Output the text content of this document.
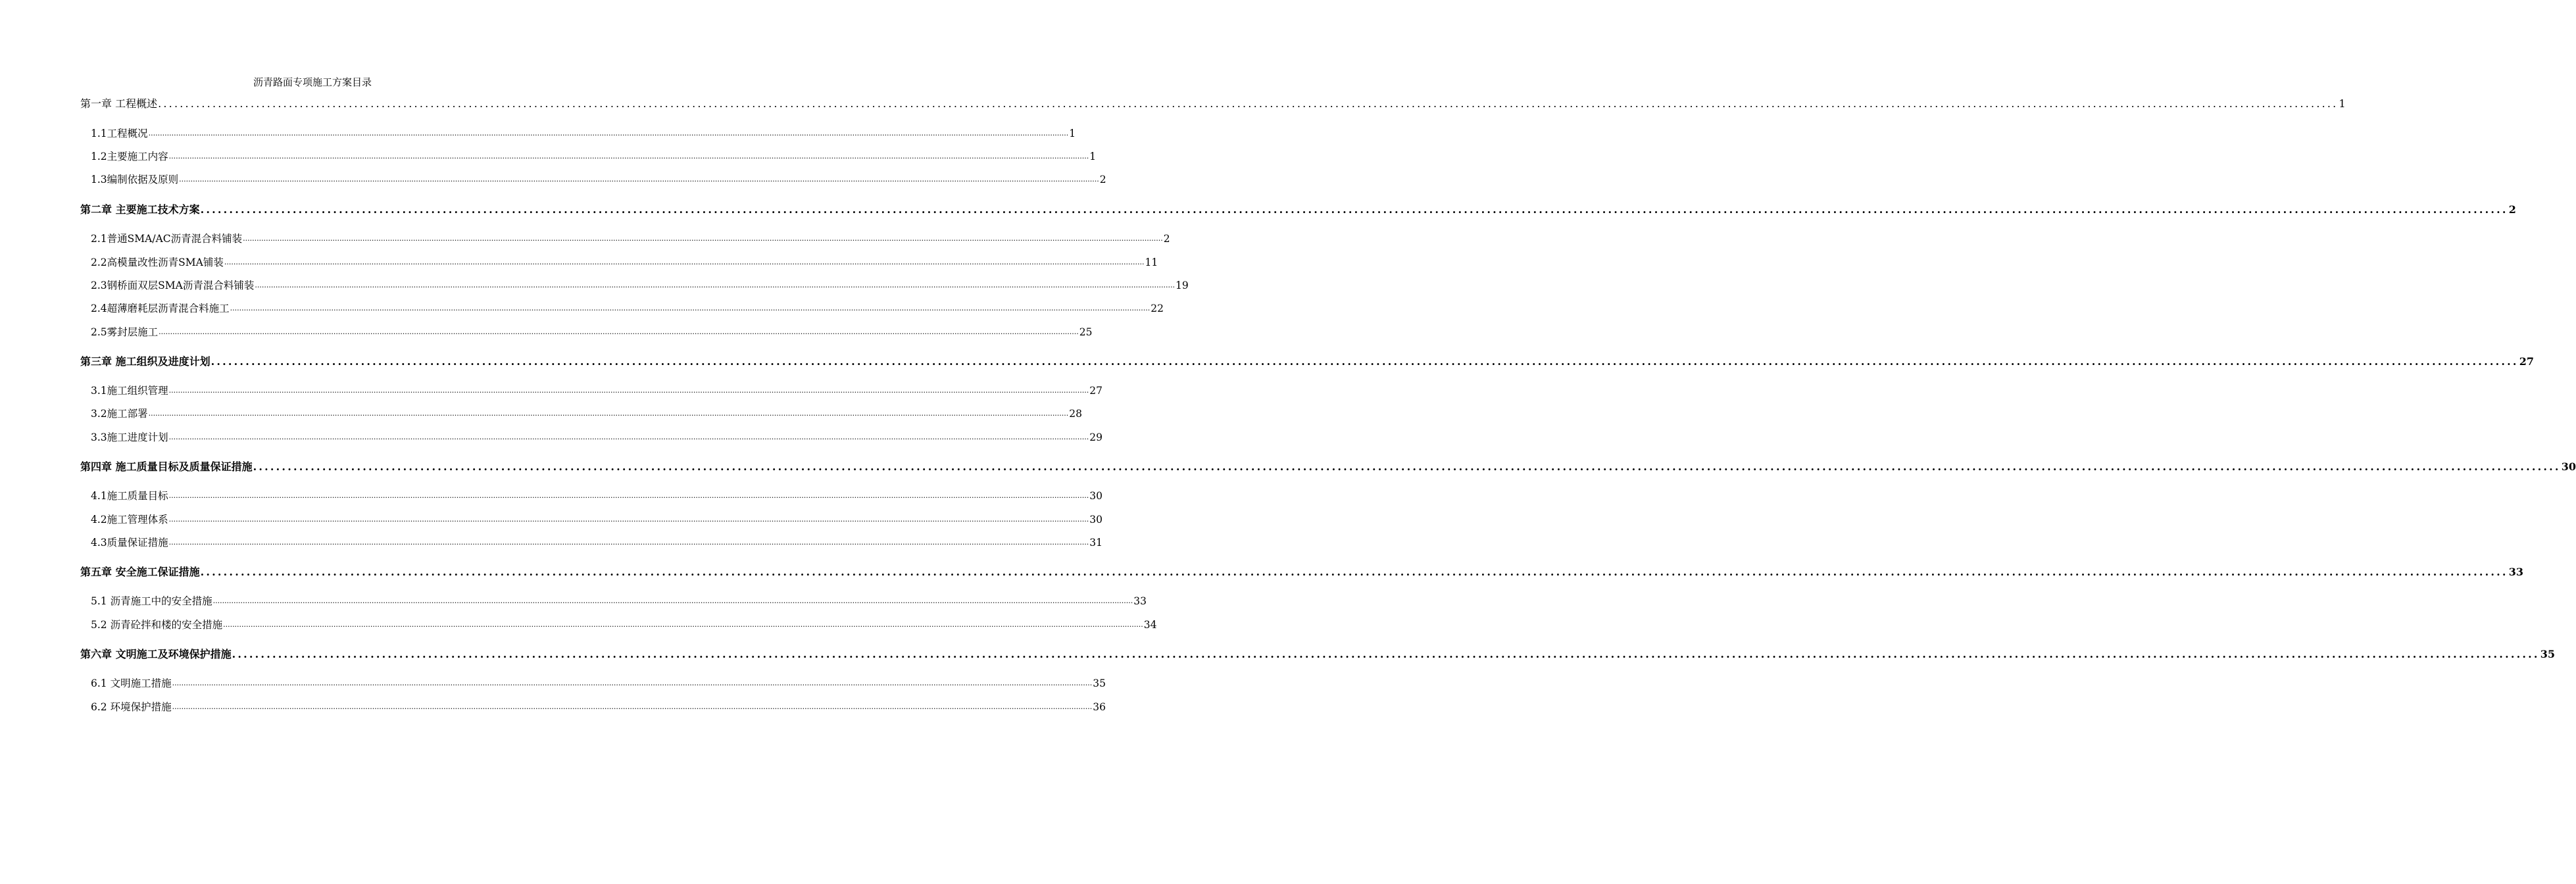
沥青路面专项施工方案目录
第一章 工程概述 ................................................................................................................................................................................................................................................................................................................................................................................................................ 1
1.1工程概况 ................................................................................................................................................................................................................................................................................................................................................................................................................ 1
1.2主要施工内容 ................................................................................................................................................................................................................................................................................................................................................................................................................ 1
1.3编制依据及原则 ................................................................................................................................................................................................................................................................................................................................................................................................................ 2
第二章 主要施工技术方案 ................................................................................................................................................................................................................................................................................................................................................................................................................ 2
2.1普通SMA/AC沥青混合料铺装 ................................................................................................................................................................................................................................................................................................................................................................................................................ 2
2.2高模量改性沥青SMA铺装 ................................................................................................................................................................................................................................................................................................................................................................................................................ 11
2.3钢桥面双层SMA沥青混合料铺装 ................................................................................................................................................................................................................................................................................................................................................................................................................ 19
2.4超薄磨耗层沥青混合料施工 ................................................................................................................................................................................................................................................................................................................................................................................................................ 22
2.5雾封层施工 ................................................................................................................................................................................................................................................................................................................................................................................................................ 25
第三章 施工组织及进度计划 ................................................................................................................................................................................................................................................................................................................................................................................................................ 27
3.1施工组织管理 ................................................................................................................................................................................................................................................................................................................................................................................................................ 27
3.2施工部署 ................................................................................................................................................................................................................................................................................................................................................................................................................ 28
3.3施工进度计划 ................................................................................................................................................................................................................................................................................................................................................................................................................ 29
第四章 施工质量目标及质量保证措施 ................................................................................................................................................................................................................................................................................................................................................................................................................ 30
4.1施工质量目标 ................................................................................................................................................................................................................................................................................................................................................................................................................ 30
4.2施工管理体系 ................................................................................................................................................................................................................................................................................................................................................................................................................ 30
4.3质量保证措施 ................................................................................................................................................................................................................................................................................................................................................................................................................ 31
第五章 安全施工保证措施 ................................................................................................................................................................................................................................................................................................................................................................................................................ 33
5.1 沥青施工中的安全措施 ................................................................................................................................................................................................................................................................................................................................................................................................................ 33
5.2 沥青砼拌和楼的安全措施 ................................................................................................................................................................................................................................................................................................................................................................................................................ 34
第六章 文明施工及环境保护措施 ................................................................................................................................................................................................................................................................................................................................................................................................................ 35
6.1 文明施工措施 ................................................................................................................................................................................................................................................................................................................................................................................................................ 35
6.2 环境保护措施 ................................................................................................................................................................................................................................................................................................................................................................................................................ 36
